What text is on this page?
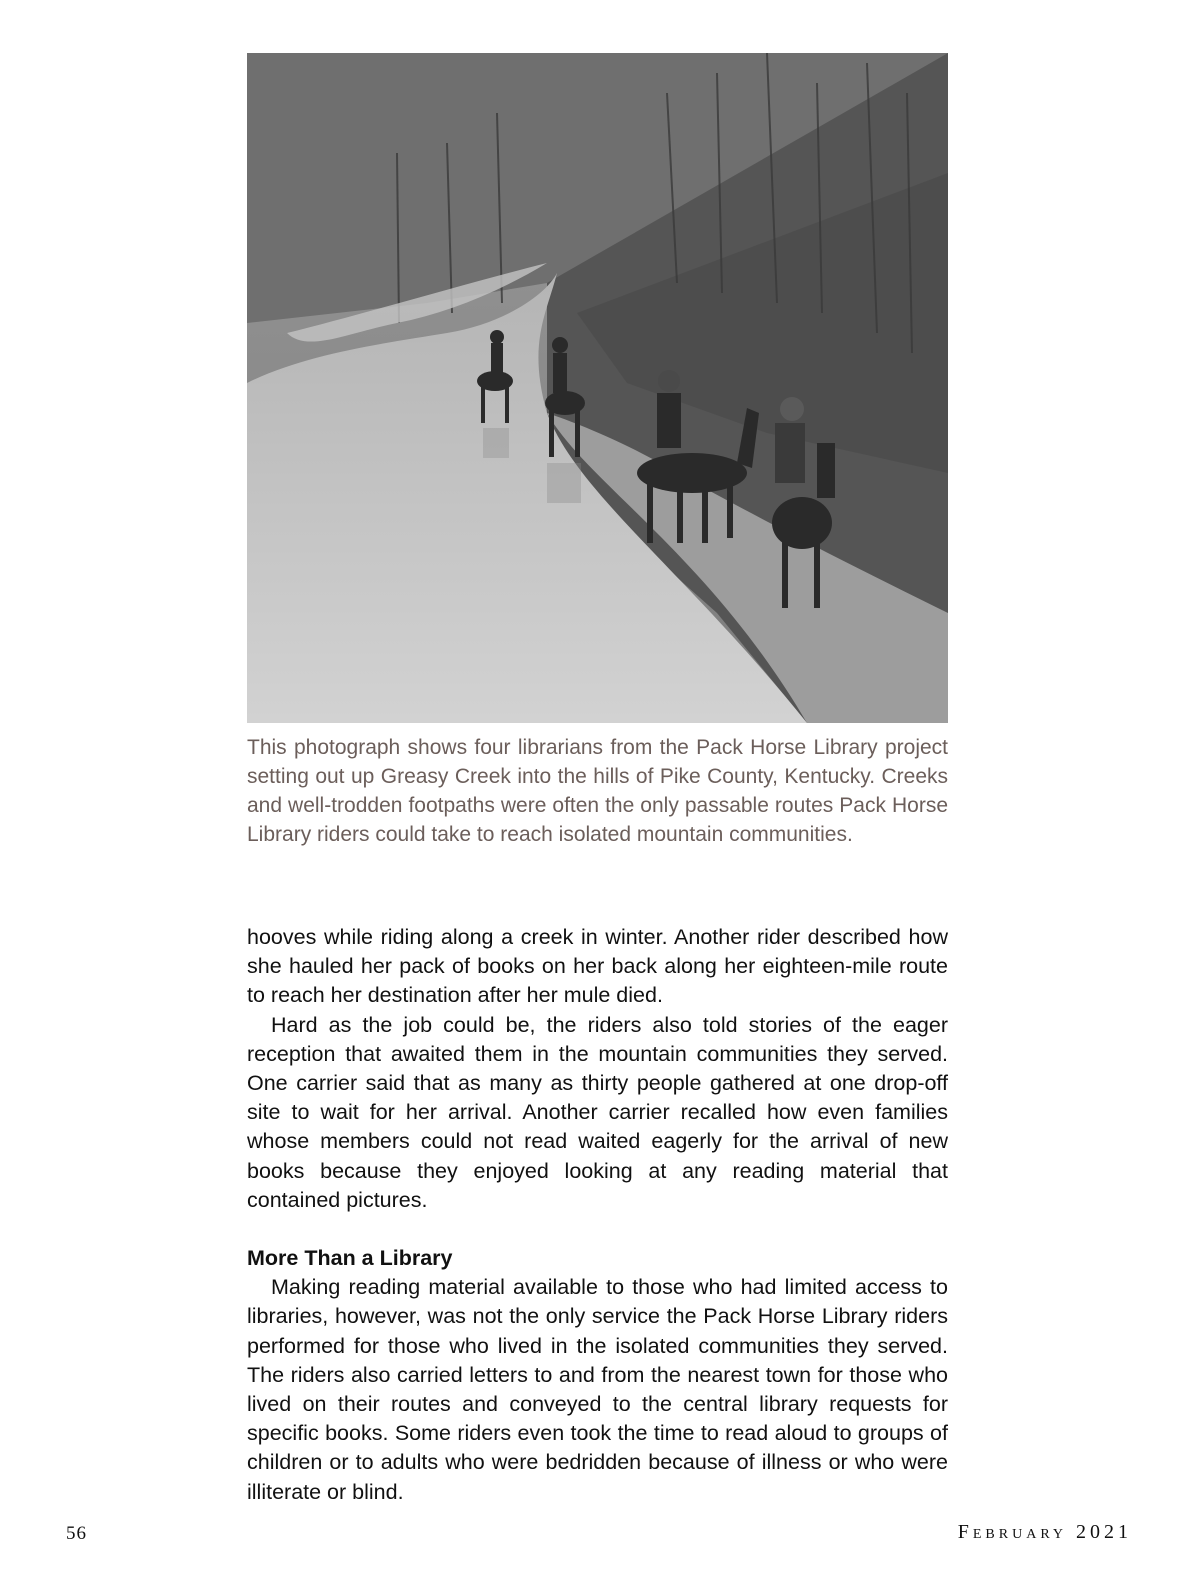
This photograph shows four librarians from the Pack Horse Library project setting out up Greasy Creek into the hills of Pike County, Kentucky. Creeks and well-trodden footpaths were often the only passable routes Pack Horse Library riders could take to reach isolated mountain communities.

hooves while riding along a creek in winter. Another rider described how she hauled her pack of books on her back along her eighteen-mile route to reach her destination after her mule died.

Hard as the job could be, the riders also told stories of the eager reception that awaited them in the mountain communities they served. One carrier said that as many as thirty people gathered at one drop-off site to wait for her arrival. Another carrier recalled how even families whose members could not read waited eagerly for the arrival of new books because they enjoyed looking at any reading material that contained pictures.

More Than a Library

Making reading material available to those who had limited access to libraries, however, was not the only service the Pack Horse Library riders performed for those who lived in the isolated communities they served. The riders also carried letters to and from the nearest town for those who lived on their routes and conveyed to the central library requests for specific books. Some riders even took the time to read aloud to groups of children or to adults who were bedridden because of illness or who were illiterate or blind.

56	February 2021
